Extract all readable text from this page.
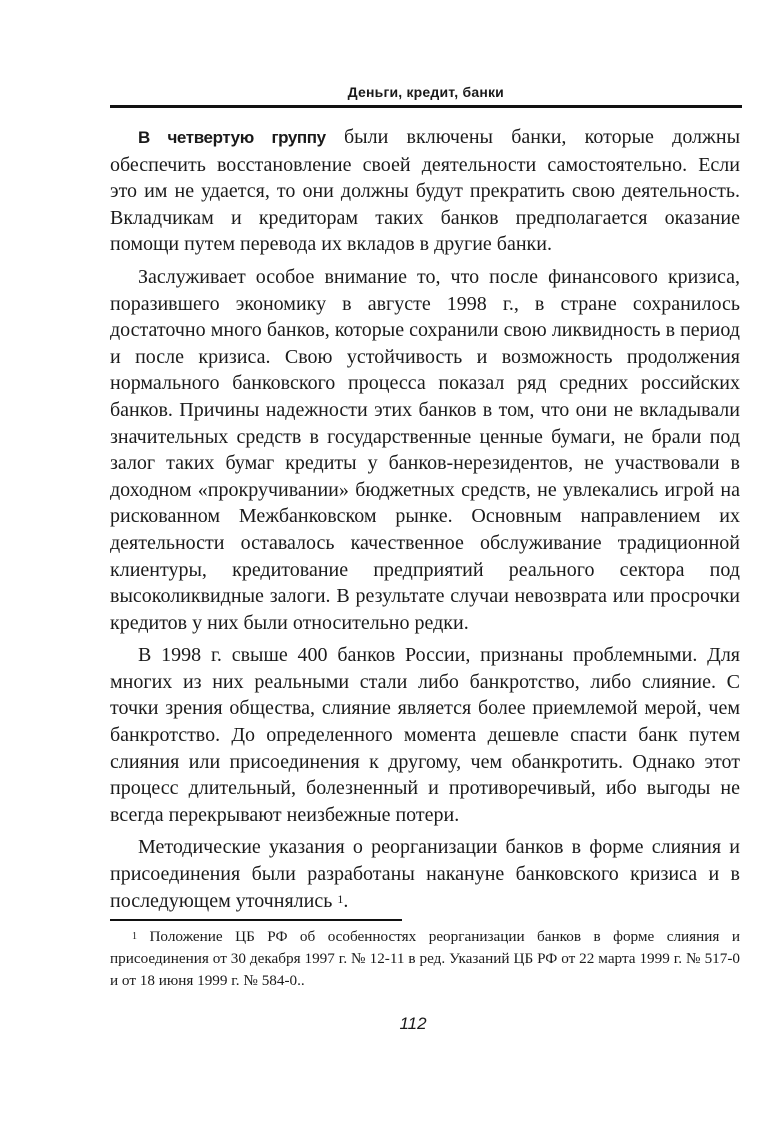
Деньги, кредит, банки

В четвертую группу были включены банки, которые должны обеспечить восстановление своей деятельности самостоятельно. Если это им не удается, то они должны будут прекратить свою деятельность. Вкладчикам и кредиторам таких банков предполагается оказание помощи путем перевода их вкладов в другие банки.

Заслуживает особое внимание то, что после финансового кризиса, поразившего экономику в августе 1998 г., в стране сохранилось достаточно много банков, которые сохранили свою ликвидность в период и после кризиса. Свою устойчивость и возможность продолжения нормального банковского процесса показал ряд средних российских банков. Причины надежности этих банков в том, что они не вкладывали значительных средств в государственные ценные бумаги, не брали под залог таких бумаг кредиты у банков-нерезидентов, не участвовали в доходном «прокручивании» бюджетных средств, не увлекались игрой на рискованном Межбанковском рынке. Основным направлением их деятельности оставалось качественное обслуживание традиционной клиентуры, кредитование предприятий реального сектора под высоколиквидные залоги. В результате случаи невозврата или просрочки кредитов у них были относительно редки.

В 1998 г. свыше 400 банков России, признаны проблемными. Для многих из них реальными стали либо банкротство, либо слияние. С точки зрения общества, слияние является более приемлемой мерой, чем банкротство. До определенного момента дешевле спасти банк путем слияния или присоединения к другому, чем обанкротить. Однако этот процесс длительный, болезненный и противоречивый, ибо выгоды не всегда перекрывают неизбежные потери.

Методические указания о реорганизации банков в форме слияния и присоединения были разработаны накануне банковского кризиса и в последующем уточнялись $^1$.

$^1$ Положение ЦБ РФ об особенностях реорганизации банков в форме слияния и присоединения от 30 декабря 1997 г. № 12-11 в ред. Указаний ЦБ РФ от 22 марта 1999 г. № 517-0 и от 18 июня 1999 г. № 584-0..
112
